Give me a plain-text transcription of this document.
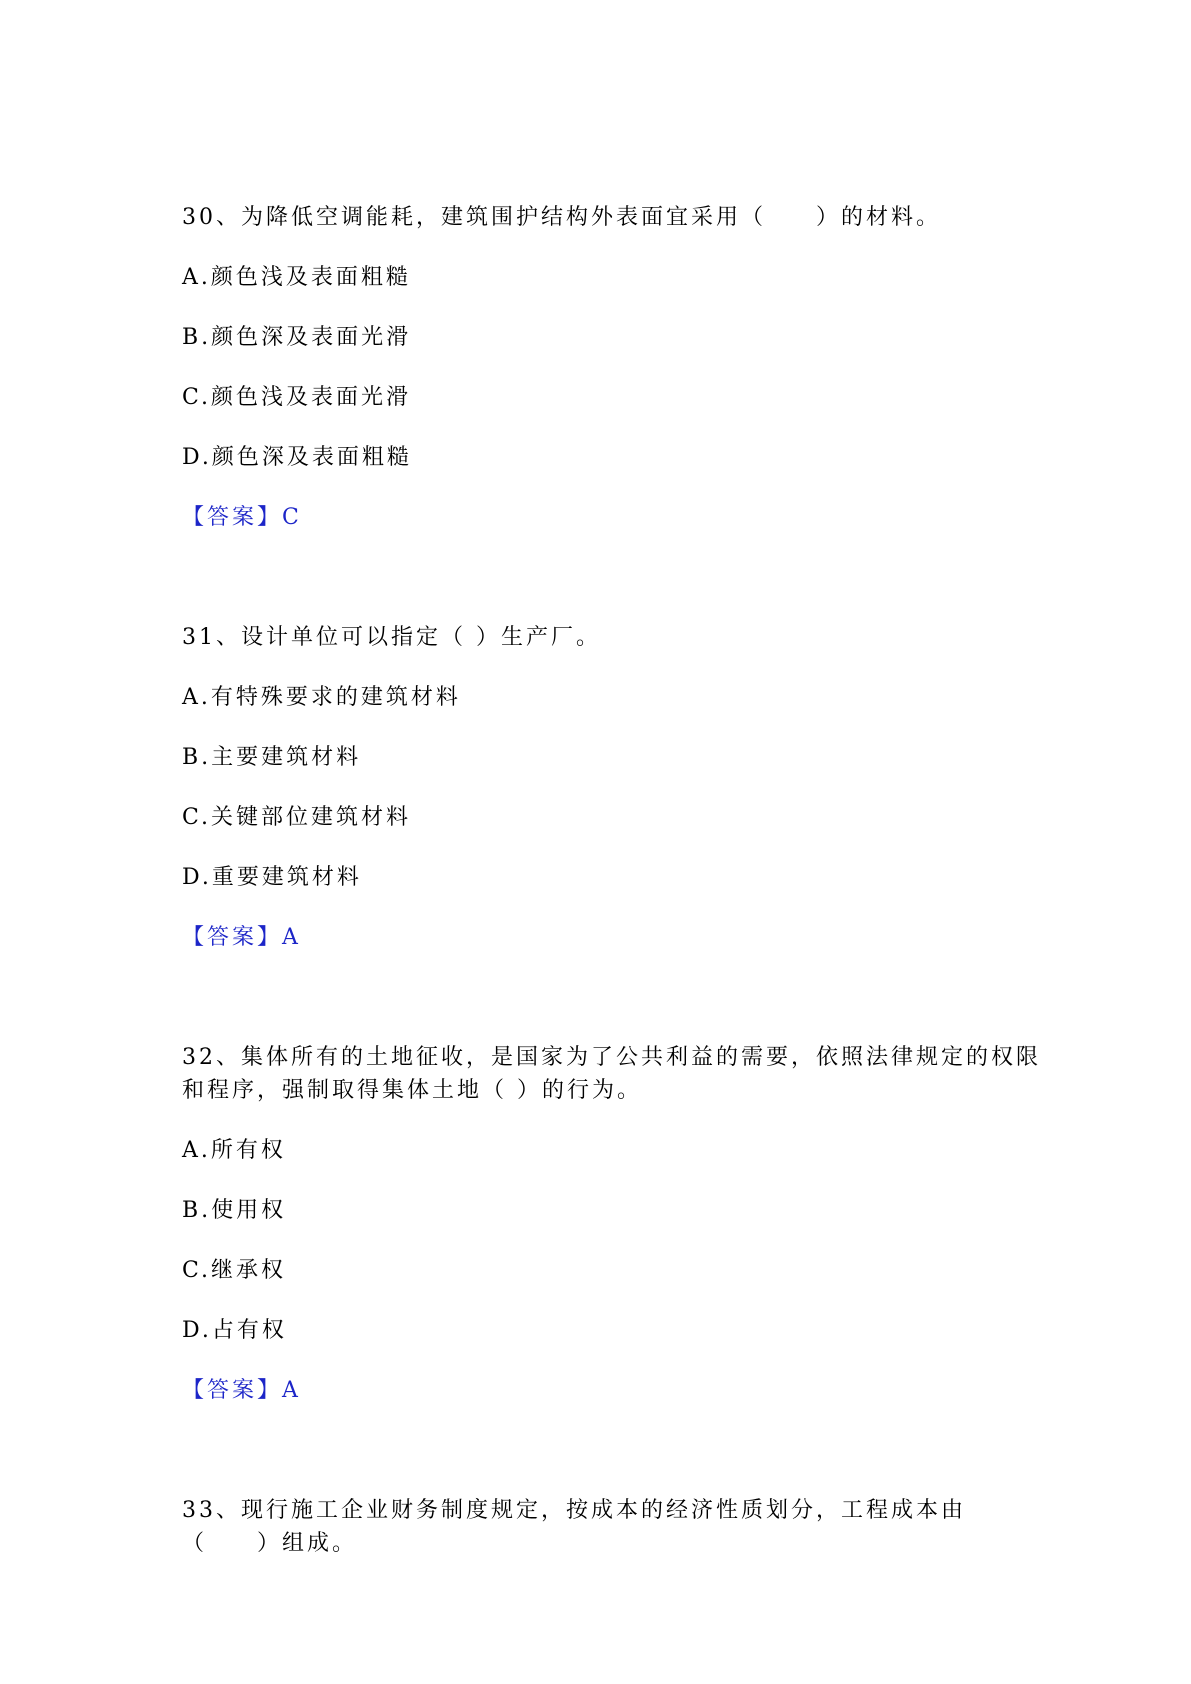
30、为降低空调能耗，建筑围护结构外表面宜采用（　　）的材料。
A.颜色浅及表面粗糙
B.颜色深及表面光滑
C.颜色浅及表面光滑
D.颜色深及表面粗糙
【答案】C
31、设计单位可以指定（ ）生产厂。
A.有特殊要求的建筑材料
B.主要建筑材料
C.关键部位建筑材料
D.重要建筑材料
【答案】A
32、集体所有的土地征收，是国家为了公共利益的需要，依照法律规定的权限
和程序，强制取得集体土地（ ）的行为。
A.所有权
B.使用权
C.继承权
D.占有权
【答案】A
33、现行施工企业财务制度规定，按成本的经济性质划分，工程成本由
（　　）组成。
